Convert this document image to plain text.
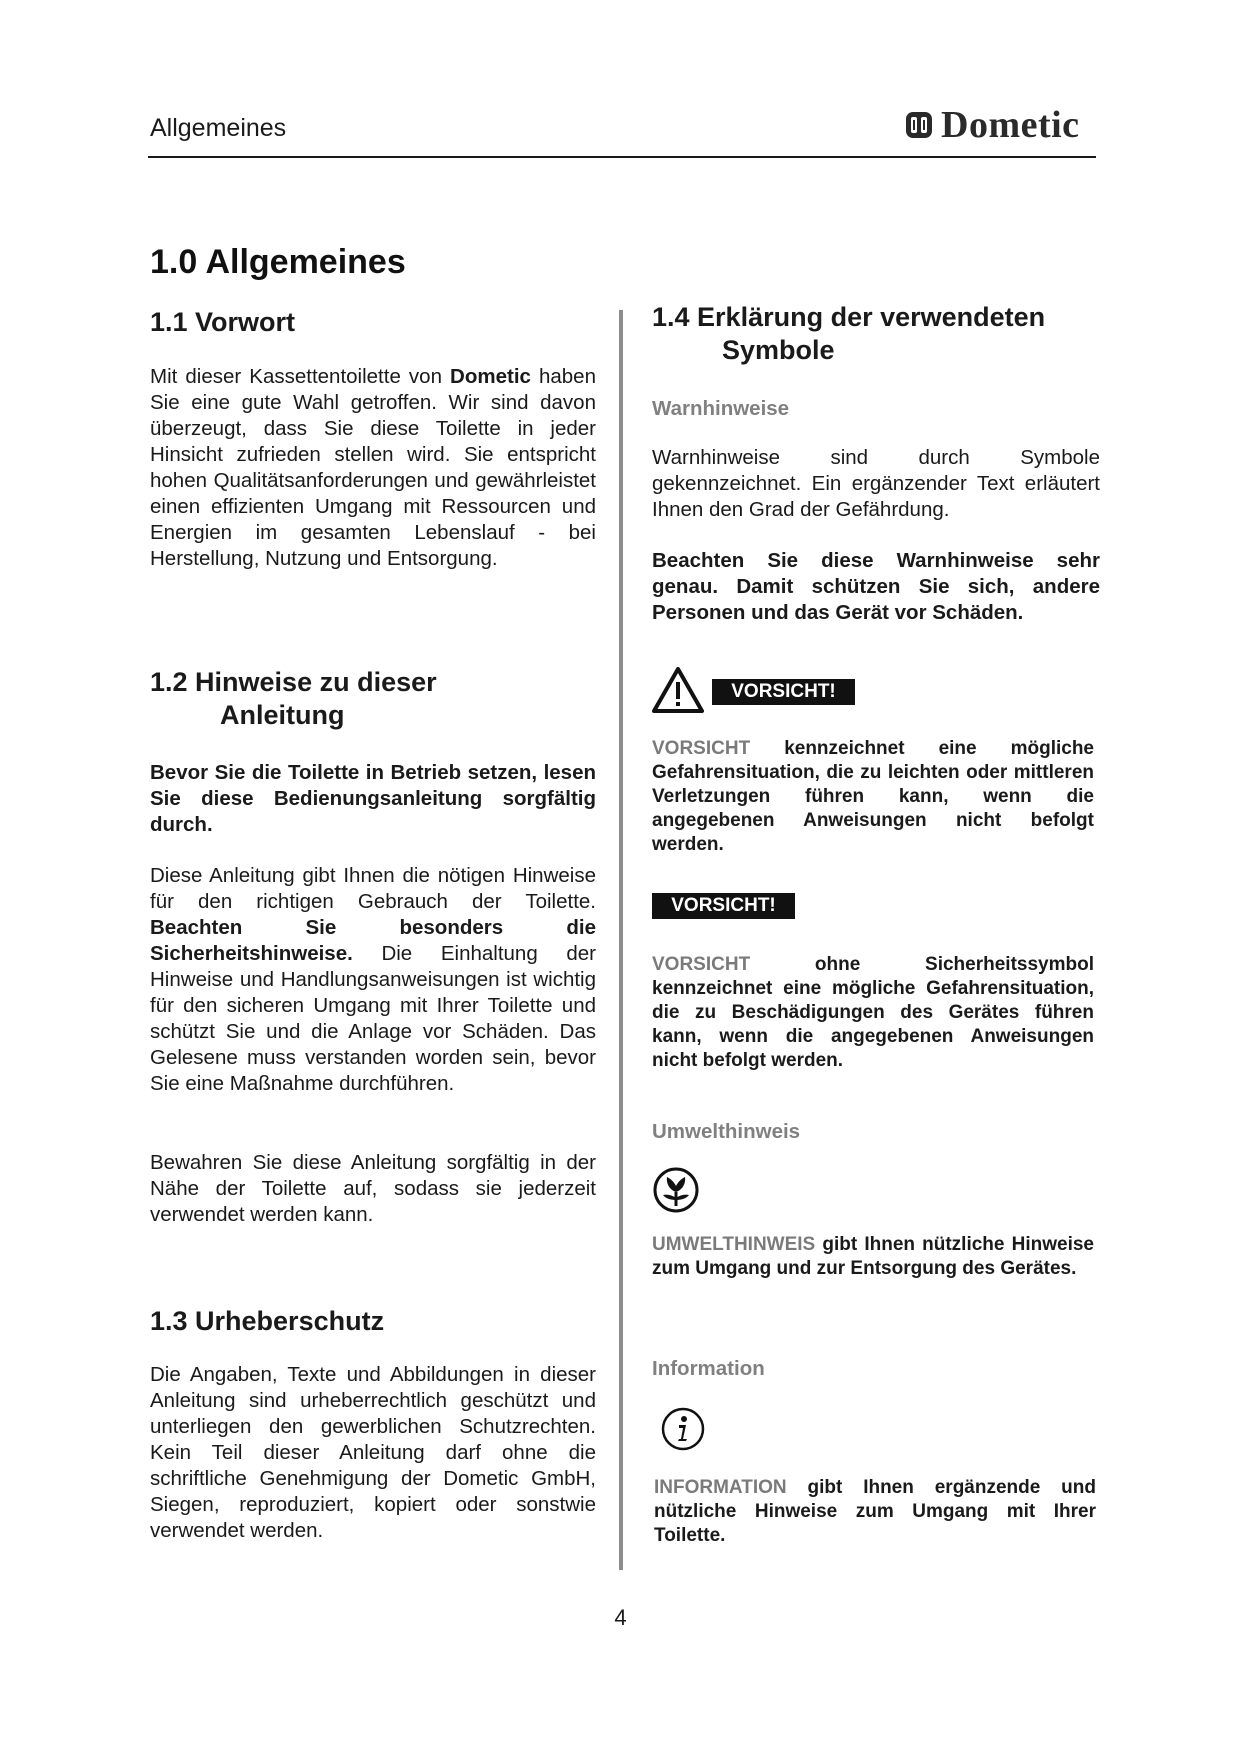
Allgemeines	Dometic
1.0 Allgemeines
1.1 Vorwort

Mit dieser Kassettentoilette von Dometic haben Sie eine gute Wahl getroffen. Wir sind davon überzeugt, dass Sie diese Toilette in jeder Hinsicht zufrieden stellen wird. Sie entspricht hohen Qualitätsanforderungen und gewährleistet einen effizienten Umgang mit Ressourcen und Energien im gesamten Lebenslauf - bei Herstellung, Nutzung und Entsorgung.

1.2 Hinweise zu dieser
Anleitung

Bevor Sie die Toilette in Betrieb setzen, lesen Sie diese Bedienungsanleitung sorgfältig durch.

Diese Anleitung gibt Ihnen die nötigen Hinweise für den richtigen Gebrauch der Toilette. Beachten Sie besonders die Sicherheitshinweise. Die Einhaltung der Hinweise und Handlungsanweisungen ist wichtig für den sicheren Umgang mit Ihrer Toilette und schützt Sie und die Anlage vor Schäden. Das Gelesene muss verstanden worden sein, bevor Sie eine Maßnahme durchführen.

Bewahren Sie diese Anleitung sorgfältig in der Nähe der Toilette auf, sodass sie jederzeit verwendet werden kann.

1.3 Urheberschutz

Die Angaben, Texte und Abbildungen in dieser Anleitung sind urheberrechtlich geschützt und unterliegen den gewerblichen Schutzrechten. Kein Teil dieser Anleitung darf ohne die schriftliche Genehmigung der Dometic GmbH, Siegen, reproduziert, kopiert oder sonstwie verwendet werden.

1.4 Erklärung der verwendeten
Symbole
Warnhinweise

Warnhinweise sind durch Symbole gekennzeichnet. Ein ergänzender Text erläutert Ihnen den Grad der Gefährdung.

Beachten Sie diese Warnhinweise sehr genau. Damit schützen Sie sich, andere Personen und das Gerät vor Schäden.

VORSICHT!

VORSICHT kennzeichnet eine mögliche Gefahrensituation, die zu leichten oder mittleren Verletzungen führen kann, wenn die angegebenen Anweisungen nicht befolgt werden.

VORSICHT!

VORSICHT ohne Sicherheitssymbol kennzeichnet eine mögliche Gefahrensituation, die zu Beschädigungen des Gerätes führen kann, wenn die angegebenen Anweisungen nicht befolgt werden.

Umwelthinweis

UMWELTHINWEIS gibt Ihnen nützliche Hinweise zum Umgang und zur Entsorgung des Gerätes.

Information

INFORMATION gibt Ihnen ergänzende und nützliche Hinweise zum Umgang mit Ihrer Toilette.

4
